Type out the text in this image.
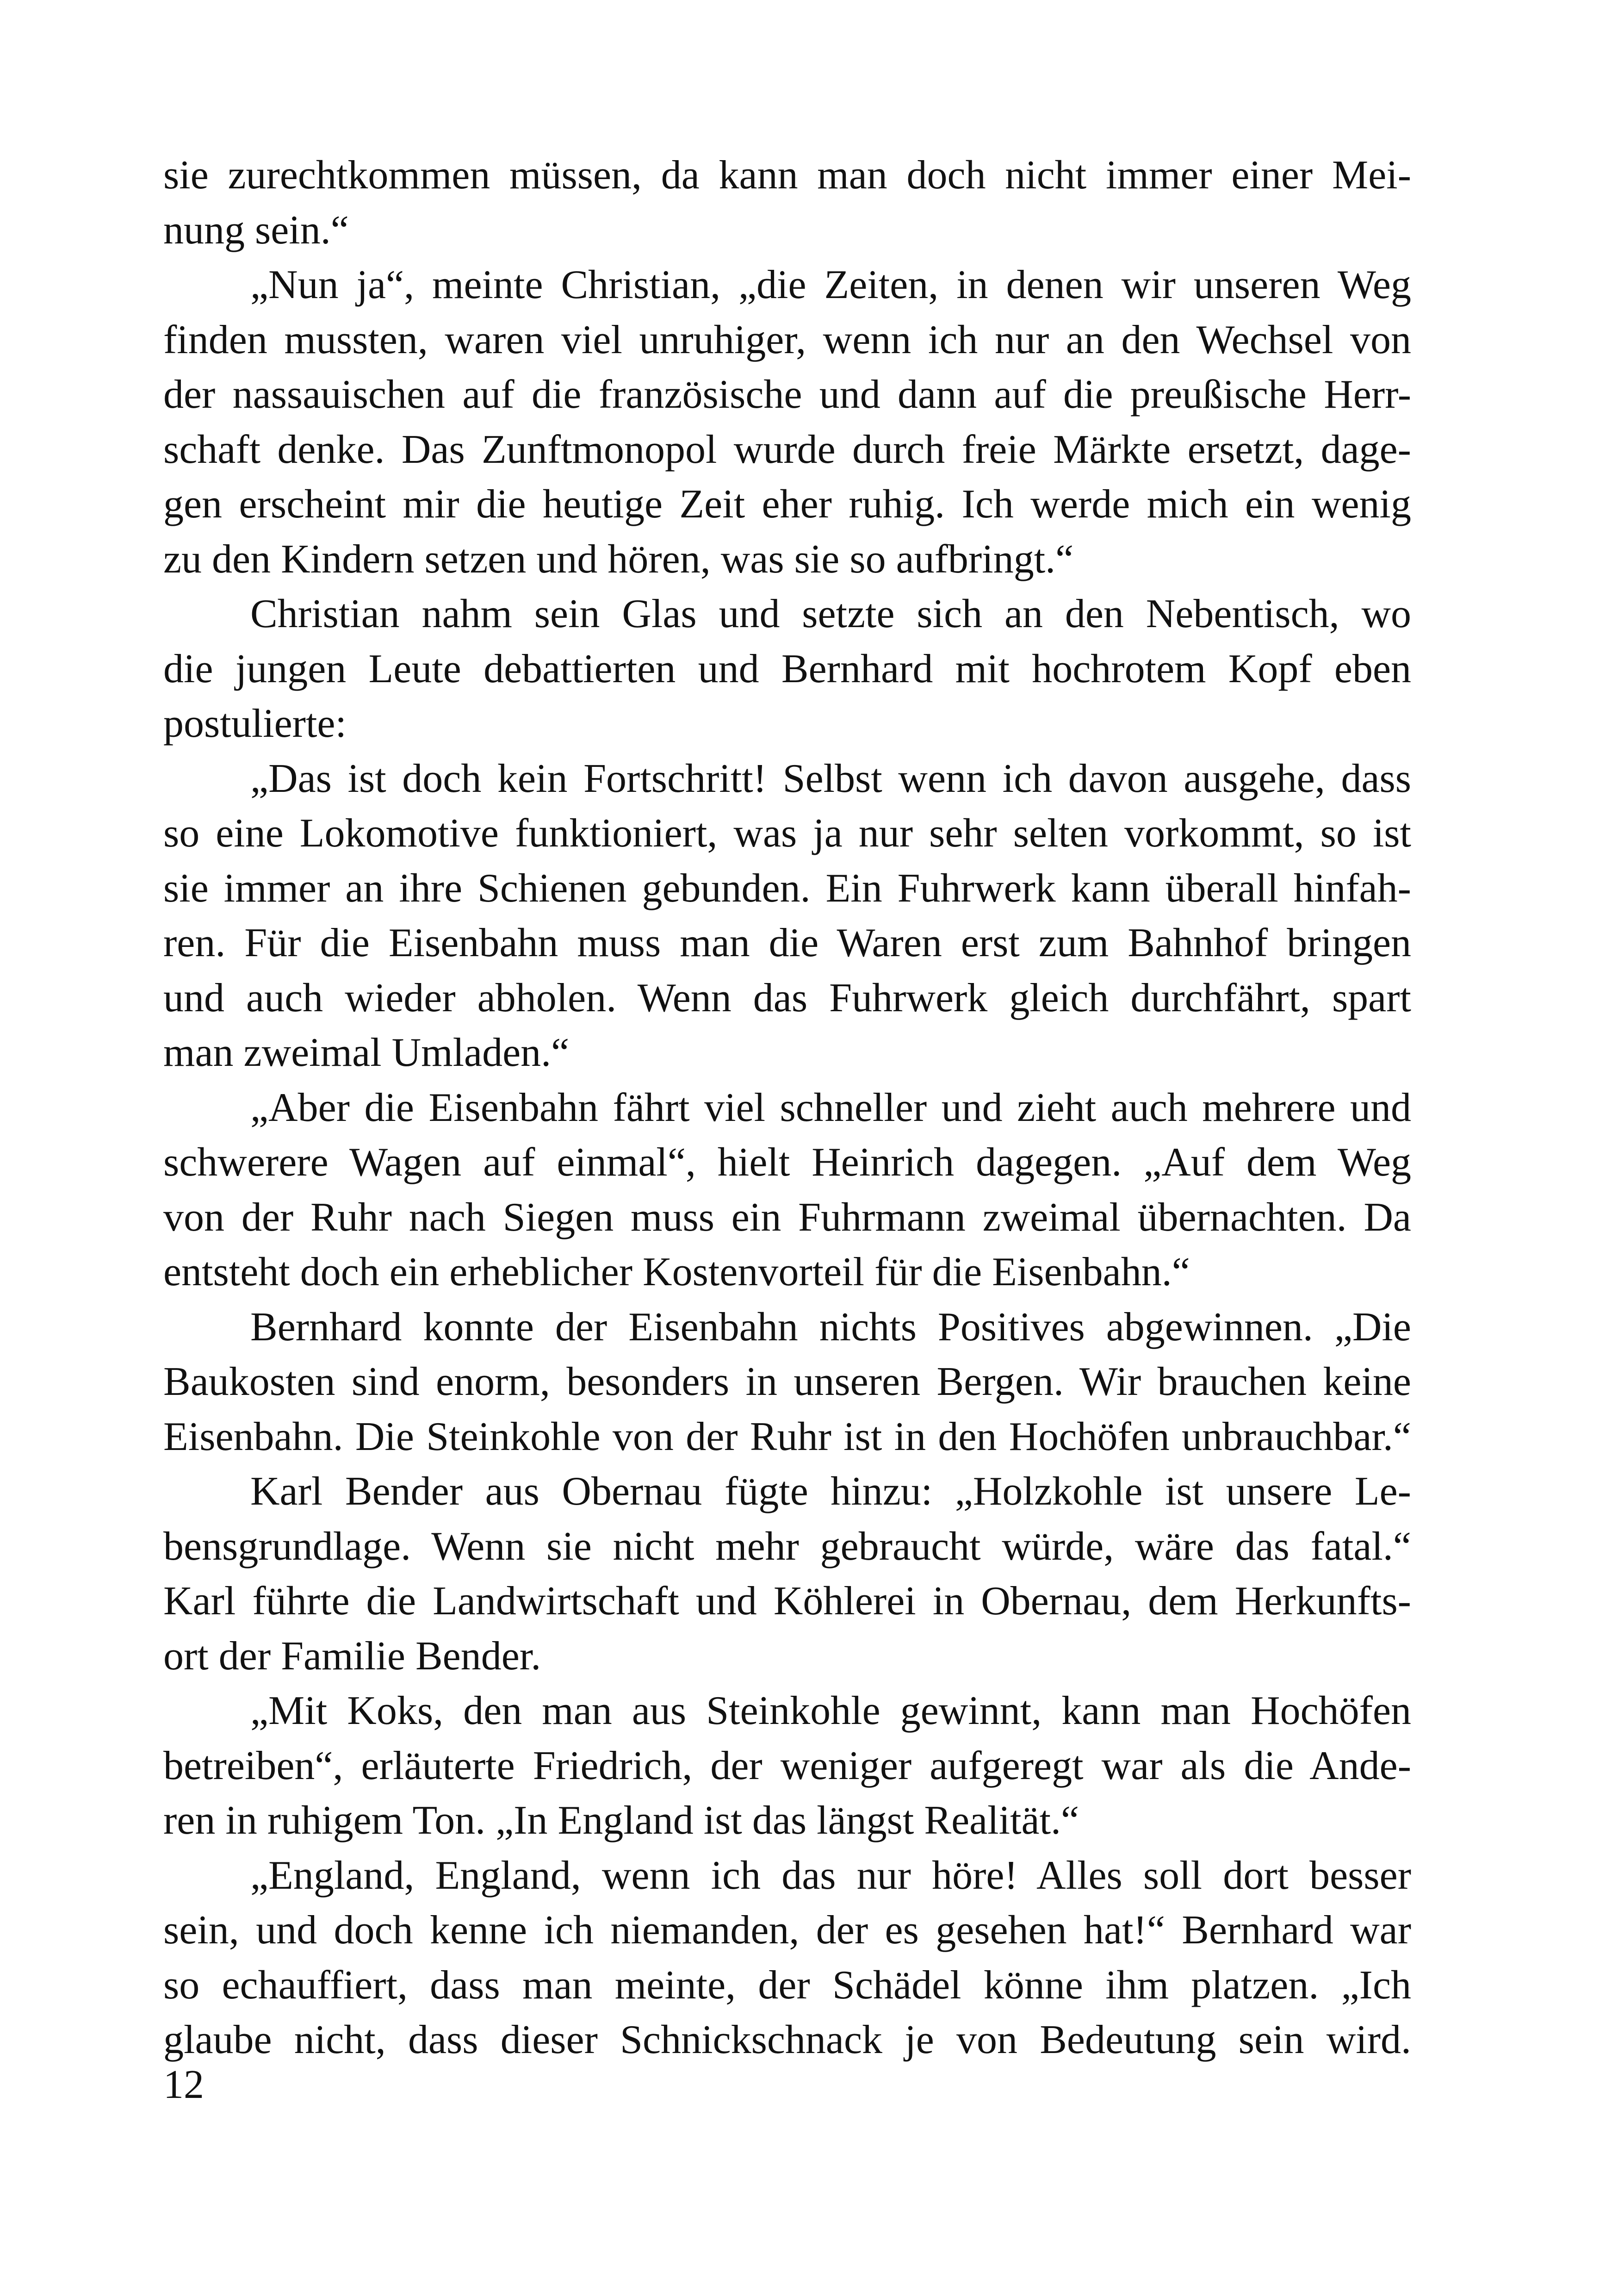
sie zurechtkommen müssen, da kann man doch nicht immer einer Mei-
nung sein.“
„Nun ja“, meinte Christian, „die Zeiten, in denen wir unseren Weg
finden mussten, waren viel unruhiger, wenn ich nur an den Wechsel von
der nassauischen auf die französische und dann auf die preußische Herr-
schaft denke. Das Zunftmonopol wurde durch freie Märkte ersetzt, dage-
gen erscheint mir die heutige Zeit eher ruhig. Ich werde mich ein wenig
zu den Kindern setzen und hören, was sie so aufbringt.“
Christian nahm sein Glas und setzte sich an den Nebentisch, wo
die jungen Leute debattierten und Bernhard mit hochrotem Kopf eben
postulierte:
„Das ist doch kein Fortschritt! Selbst wenn ich davon ausgehe, dass
so eine Lokomotive funktioniert, was ja nur sehr selten vorkommt, so ist
sie immer an ihre Schienen gebunden. Ein Fuhrwerk kann überall hinfah-
ren. Für die Eisenbahn muss man die Waren erst zum Bahnhof bringen
und auch wieder abholen. Wenn das Fuhrwerk gleich durchfährt, spart
man zweimal Umladen.“
„Aber die Eisenbahn fährt viel schneller und zieht auch mehrere und
schwerere Wagen auf einmal“, hielt Heinrich dagegen. „Auf dem Weg
von der Ruhr nach Siegen muss ein Fuhrmann zweimal übernachten. Da
entsteht doch ein erheblicher Kostenvorteil für die Eisenbahn.“
Bernhard konnte der Eisenbahn nichts Positives abgewinnen. „Die
Baukosten sind enorm, besonders in unseren Bergen. Wir brauchen keine
Eisenbahn. Die Steinkohle von der Ruhr ist in den Hochöfen unbrauchbar.“
Karl Bender aus Obernau fügte hinzu: „Holzkohle ist unsere Le-
bensgrundlage. Wenn sie nicht mehr gebraucht würde, wäre das fatal.“
Karl führte die Landwirtschaft und Köhlerei in Obernau, dem Herkunfts-
ort der Familie Bender.
„Mit Koks, den man aus Steinkohle gewinnt, kann man Hochöfen
betreiben“, erläuterte Friedrich, der weniger aufgeregt war als die Ande-
ren in ruhigem Ton. „In England ist das längst Realität.“
„England, England, wenn ich das nur höre! Alles soll dort besser
sein, und doch kenne ich niemanden, der es gesehen hat!“ Bernhard war
so echauffiert, dass man meinte, der Schädel könne ihm platzen. „Ich
glaube nicht, dass dieser Schnickschnack je von Bedeutung sein wird.
12
